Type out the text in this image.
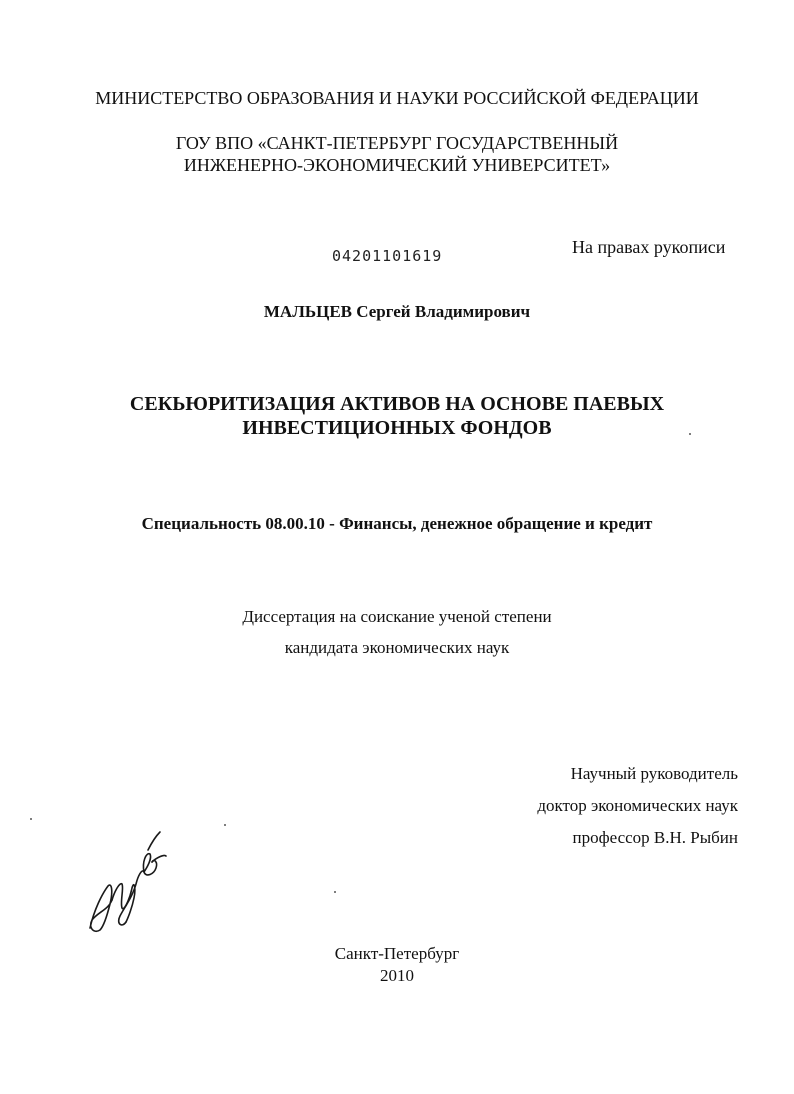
МИНИСТЕРСТВО ОБРАЗОВАНИЯ И НАУКИ РОССИЙСКОЙ ФЕДЕРАЦИИ
ГОУ ВПО «САНКТ-ПЕТЕРБУРГ ГОСУДАРСТВЕННЫЙ
ИНЖЕНЕРНО-ЭКОНОМИЧЕСКИЙ УНИВЕРСИТЕТ»
04201101619	На правах рукописи
МАЛЬЦЕВ Сергей Владимирович
СЕКЬЮРИТИЗАЦИЯ АКТИВОВ НА ОСНОВЕ ПАЕВЫХ
ИНВЕСТИЦИОННЫХ ФОНДОВ
Специальность 08.00.10 - Финансы, денежное обращение и кредит
Диссертация на соискание ученой степени
кандидата экономических наук
Научный руководитель
доктор экономических наук
профессор В.Н. Рыбин
Санкт-Петербург
2010
